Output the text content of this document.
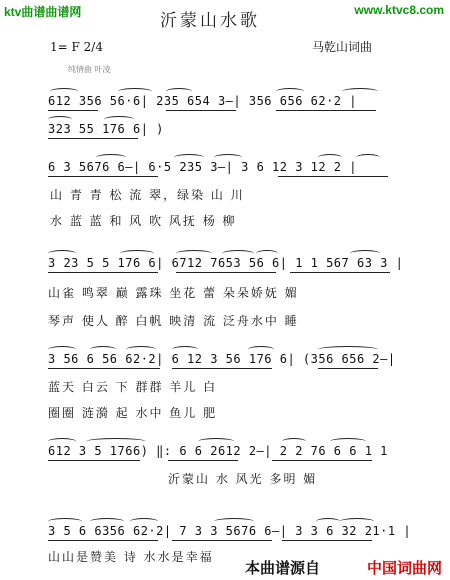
ktv曲谱曲谱网	www.ktvc8.com
沂蒙山水歌
1= F 2/4	马乾山词曲
纯情曲 叶凌
612 356 56·6| 235 654 3—| 356 656 62·2 |
323 55 176 6| )
6 3 5676 6—| 6·5 235 3—| 3 6 12 3 12 2 |
山 青 青 松 流 翠，绿染 山 川
水 蓝 蓝 和 风 吹 风抚 杨 柳
3 23 5 5 176 6| 6712 7653 56 6| 1 1 567 63 3 |
山雀 鸣翠 巅 露珠 坐花 蕾 朵朵娇妩 媚
琴声 使人 醉 白帆 映清 流 泛舟水中 睡
3 56 6 56 62·2| 6 12 3 56 176 6| (356 656 2—|
蓝天 白云 下 群群 羊儿 白
圈圈 涟漪 起 水中 鱼儿 肥
612 3 5 1766) ‖: 6 6 2612 2—| 2 2 76 6 6 1 1
沂蒙山 水 风光 多明 媚
3 5 6 6356 62·2| 7 3 3 5676 6—| 3 3 6 32 21·1 |
山山是赞美 诗 水水是幸福
本曲谱源自	中国词曲网
